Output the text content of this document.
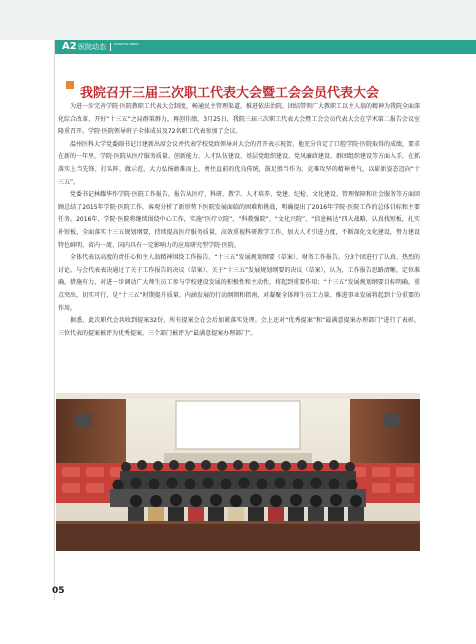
A2 医院动态	HOSPITAL NEWS
我院召开三届三次职工代表大会暨工会会员代表大会

为进一步完善学院·医院教职工代表大会制度，畅通民主管理渠道，推进依法治院，团结带领广大教职工以主人翁的精神为我院全面深化综合改革、开好“十三五”之局群策群力，再创佳绩，3月25日，我院三届三次职工代表大会暨工会会员代表大会在学术第二报告会议室隆重召开。学院·医院领导班子全体成员及72名职工代表参加了会议。

温州医科大学党委副书记吕建新出席会议并代表学校党政领导对大会的召开表示祝贺。他充分肯定了口腔学院·医院取得的成绩，要求在新的一年里，学院·医院从医疗服务质量、创新能力、人才队伍建设、基层党组织建设、党风廉政建设、群团组织建设等方面入手，在抓落实上当先锋、打头阵、做示范，大力弘扬敢难而上、勇往直前的优良传统，鼓足胜当作为、克难攻坚的精神勇气，以崭新姿态迈向“十三五”。

党委书记林耀华作学院·医院工作报告。报告从医疗、科研、教学、人才培养、党建、纪检、文化建设、管理保障和社会服务等方面回顾总结了2015年学院·医院工作，客观分析了新形势下医院发展面临的困难和挑战，明确提出了2016年学院·医院工作的总体目标和主要任务。2016年，学院·医院将继续围绕中心工作，实施“医疗立院”、“科教强院”、“文化兴院”、“信息畅达”四大战略，认真找短板，扎实补短板，全面落实十三五规划纲要，持续提高医疗服务质量，高效重视科研教学工作，加大人才引进力度，不断深化文化建设，努力建设特色鲜明、省内一流、国内具有一定影响力的应用研究型学院·医院。

全体代表以高度的责任心和主人翁精神围绕工作报告、“十三五”发展规划纲要（草案）、财务工作报告，分3个团进行了认真、热烈的讨论。与会代表表决通过了关于工作报告的决议（草案）、关于“十三五”发展规划纲要的决议（草案），认为，工作报告思路清晰，定位准确，措施有力，对进一步调动广大师生员工参与学校建设发展的积极性和主动性，将起到重要作用；“十三五”发展规划纲要目标明确，重点突出，切实可行，是“十三五”时期提升质量、内涵发展的行动纲领和指南，对凝聚全体师生员工力量、推进事业发展将起到十分重要的作用。

据悉，此次职代会共收到提案32份，所有提案会在会后加紧落实处理。会上还对“优秀提案”和“最满意提案办理部门”进行了表彰，三位代表的提案被评为优秀提案，三个部门被评为“最满意提案办理部门”。

05
